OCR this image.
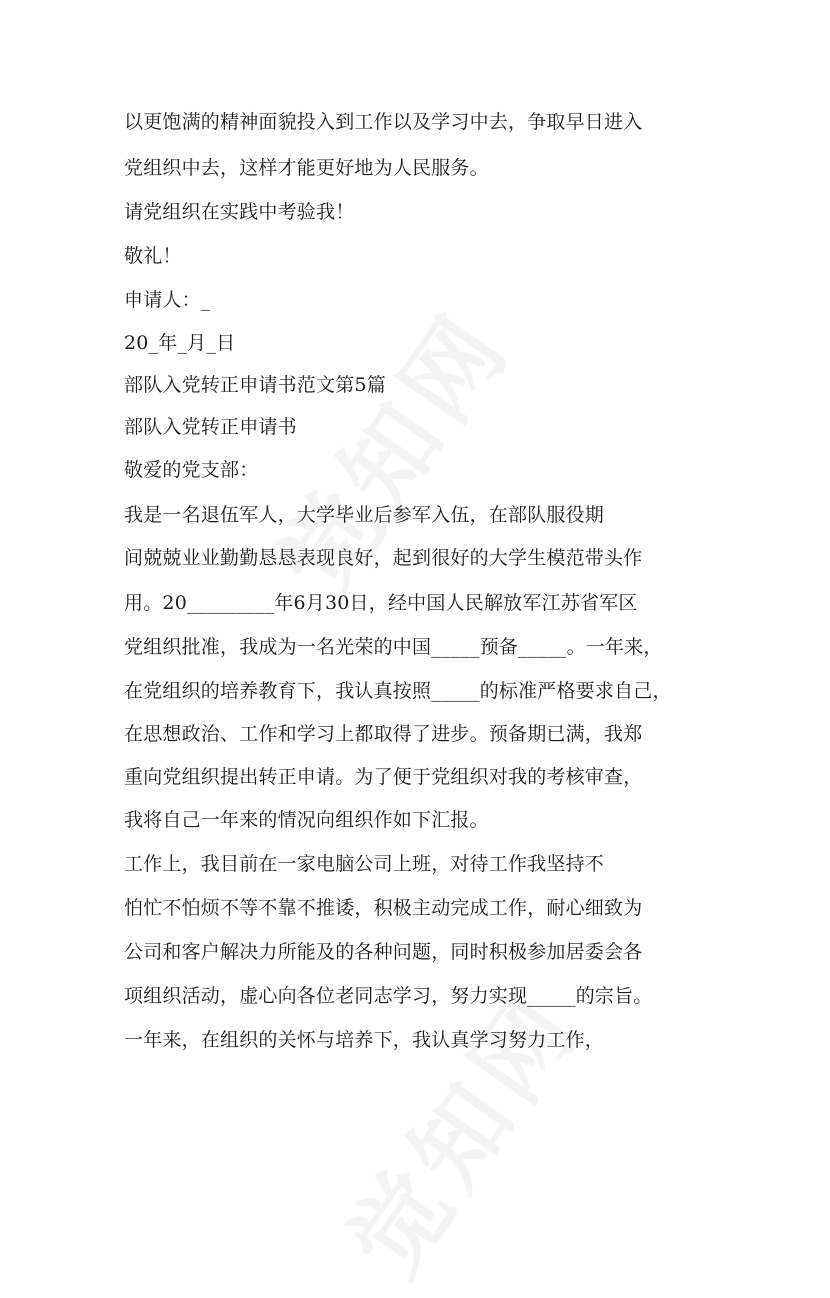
以更饱满的精神面貌投入到工作以及学习中去，争取早日进入
党组织中去，这样才能更好地为人民服务。
请党组织在实践中考验我！
敬礼！
申请人：_
20_年_月_日
部队入党转正申请书范文第5篇
部队入党转正申请书
敬爱的党支部：
我是一名退伍军人，大学毕业后参军入伍，在部队服役期
间兢兢业业勤勤恳恳表现良好，起到很好的大学生模范带头作
用。20_________年6月30日，经中国人民解放军江苏省军区
党组织批准，我成为一名光荣的中国_____预备_____。一年来，
在党组织的培养教育下，我认真按照_____的标准严格要求自己，
在思想政治、工作和学习上都取得了进步。预备期已满，我郑
重向党组织提出转正申请。为了便于党组织对我的考核审查，
我将自己一年来的情况向组织作如下汇报。
工作上，我目前在一家电脑公司上班，对待工作我坚持不
怕忙不怕烦不等不靠不推诿，积极主动完成工作，耐心细致为
公司和客户解决力所能及的各种问题，同时积极参加居委会各
项组织活动，虚心向各位老同志学习，努力实现_____的宗旨。
一年来，在组织的关怀与培养下，我认真学习努力工作，
